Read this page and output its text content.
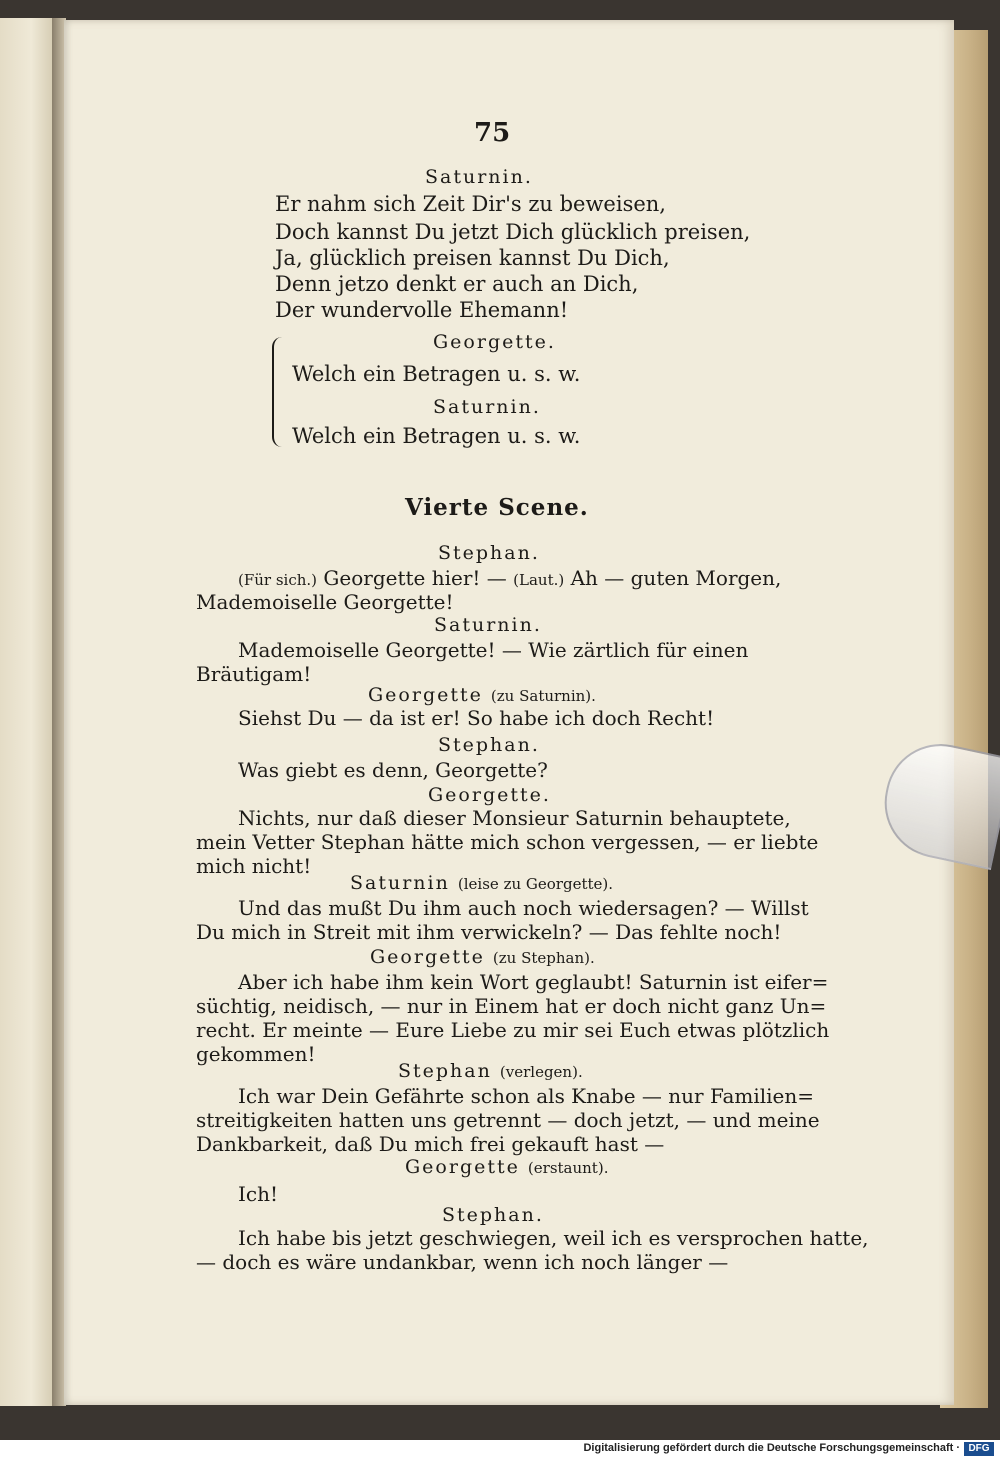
75
Saturnin.
Er nahm sich Zeit Dir's zu beweisen,
Doch kannst Du jetzt Dich glücklich preisen,
Ja, glücklich preisen kannst Du Dich,
Denn jetzo denkt er auch an Dich,
Der wundervolle Ehemann!
Georgette.
Welch ein Betragen u. s. w.
Saturnin.
Welch ein Betragen u. s. w.
Vierte Scene.
Stephan.
(Für sich.) Georgette hier! — (Laut.) Ah — guten Morgen,
Mademoiselle Georgette!
Saturnin.
Mademoiselle Georgette! — Wie zärtlich für einen
Bräutigam!
Georgette (zu Saturnin).
Siehst Du — da ist er! So habe ich doch Recht!
Stephan.
Was giebt es denn, Georgette?
Georgette.
Nichts, nur daß dieser Monsieur Saturnin behauptete,
mein Vetter Stephan hätte mich schon vergessen, — er liebte
mich nicht!
Saturnin (leise zu Georgette).
Und das mußt Du ihm auch noch wiedersagen? — Willst
Du mich in Streit mit ihm verwickeln? — Das fehlte noch!
Georgette (zu Stephan).
Aber ich habe ihm kein Wort geglaubt! Saturnin ist eifer=
süchtig, neidisch, — nur in Einem hat er doch nicht ganz Un=
recht. Er meinte — Eure Liebe zu mir sei Euch etwas plötzlich
gekommen!
Stephan (verlegen).
Ich war Dein Gefährte schon als Knabe — nur Familien=
streitigkeiten hatten uns getrennt — doch jetzt, — und meine
Dankbarkeit, daß Du mich frei gekauft hast —
Georgette (erstaunt).
Ich!
Stephan.
Ich habe bis jetzt geschwiegen, weil ich es versprochen hatte,
— doch es wäre undankbar, wenn ich noch länger —
Digitalisierung gefördert durch die Deutsche Forschungsgemeinschaft · DFG
